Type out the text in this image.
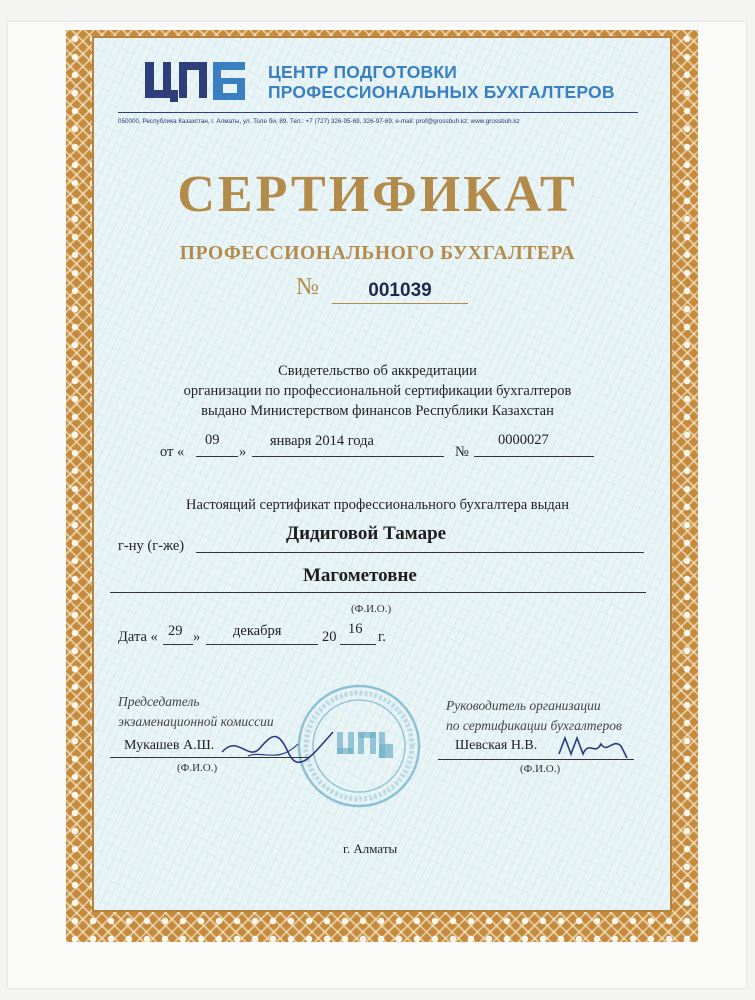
ЦЕНТР ПОДГОТОВКИ
ПРОФЕССИОНАЛЬНЫХ БУХГАЛТЕРОВ
050000, Республика Казахстан, г. Алматы, ул. Толе би, 89. Тел.: +7 (727) 326-95-69, 326-97-69; e-mail: prof@grossbuh.kz; www.grossbuh.kz
СЕРТИФИКАТ
ПРОФЕССИОНАЛЬНОГО БУХГАЛТЕРА
№	001039
Свидетельство об аккредитации
организации по профессиональной сертификации бухгалтеров
выдано Министерством финансов Республики Казахстан
от «
09
»
января 2014 года
№
0000027
Настоящий сертификат профессионального бухгалтера выдан
г-ну (г-же)
Дидиговой Тамаре
Магометовне
(Ф.И.О.)
Дата « 29 » декабря	20 16 г.
Председатель
экзаменационной комиссии
Мукашев А.Ш.
(Ф.И.О.)
Руководитель организации
по сертификации бухгалтеров
Шевская Н.В.
(Ф.И.О.)
г. Алматы
